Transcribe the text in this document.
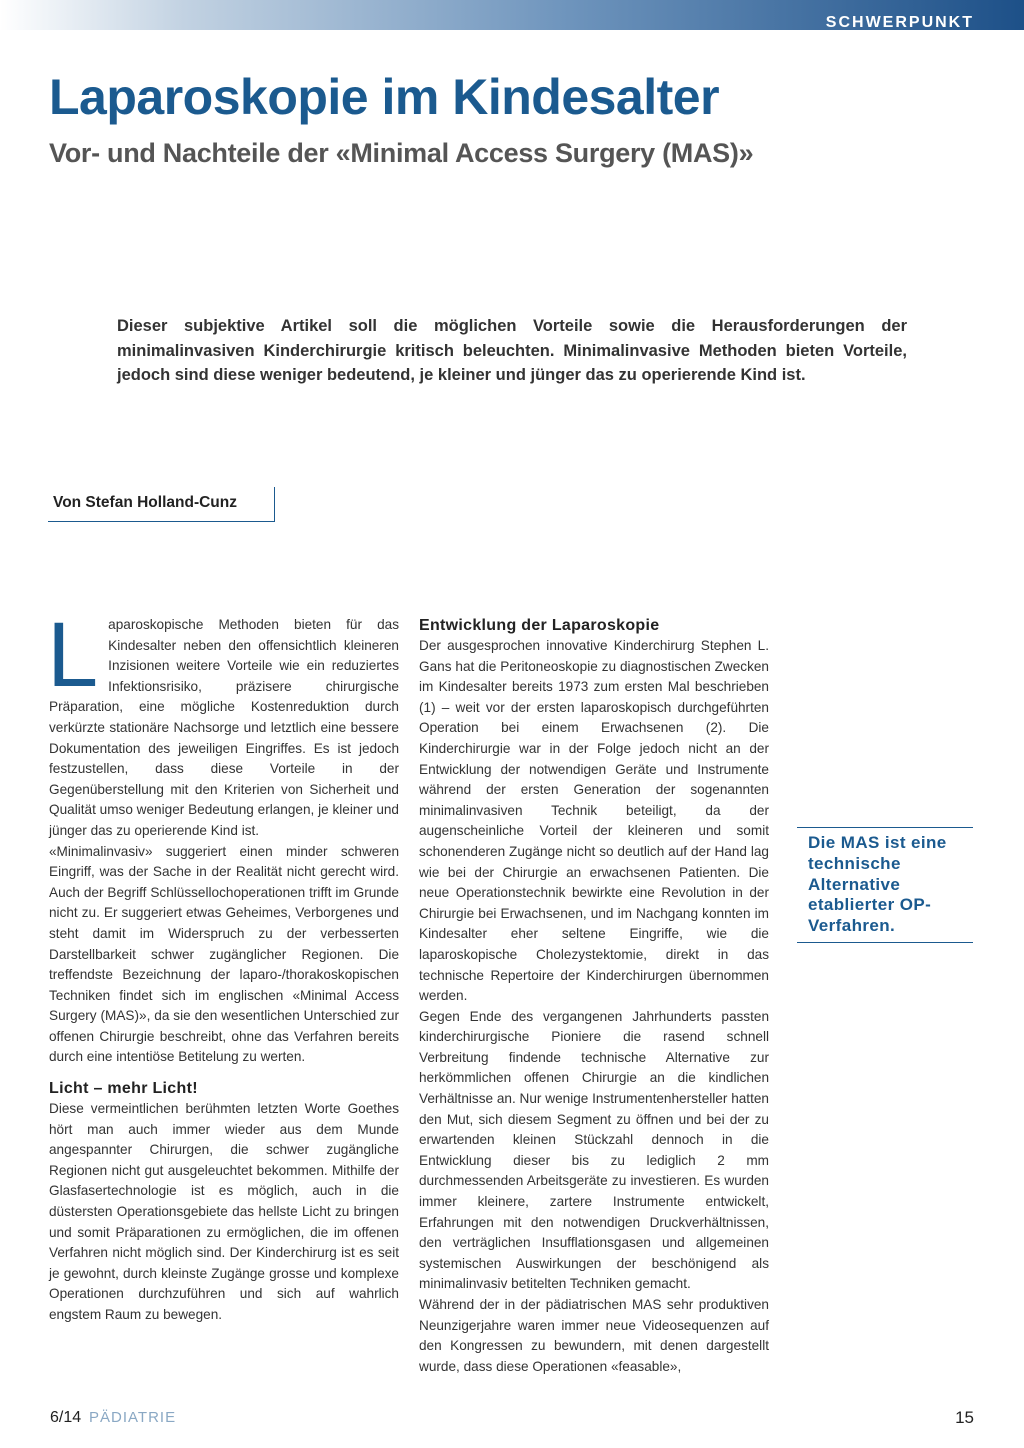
SCHWERPUNKT
Laparoskopie im Kindesalter
Vor- und Nachteile der «Minimal Access Surgery (MAS)»

Dieser subjektive Artikel soll die möglichen Vorteile sowie die Herausforderungen der minimalinvasiven Kinderchirurgie kritisch beleuchten. Minimalinvasive Methoden bieten Vorteile, jedoch sind diese weniger bedeutend, je kleiner und jünger das zu operierende Kind ist.

Von Stefan Holland-Cunz

Laparoskopische Methoden bieten für das Kindesalter neben den offensichtlich kleineren Inzisionen weitere Vorteile wie ein reduziertes Infektionsrisiko, präzisere chirurgische Präparation, eine mögliche Kostenreduktion durch verkürzte stationäre Nachsorge und letztlich eine bessere Dokumentation des jeweiligen Eingriffes. Es ist jedoch festzustellen, dass diese Vorteile in der Gegenüberstellung mit den Kriterien von Sicherheit und Qualität umso weniger Bedeutung erlangen, je kleiner und jünger das zu operierende Kind ist.

«Minimalinvasiv» suggeriert einen minder schweren Eingriff, was der Sache in der Realität nicht gerecht wird. Auch der Begriff Schlüssellochoperationen trifft im Grunde nicht zu. Er suggeriert etwas Geheimes, Verborgenes und steht damit im Widerspruch zu der verbesserten Darstellbarkeit schwer zugänglicher Regionen. Die treffendste Bezeichnung der laparo-/thorakoskopischen Techniken findet sich im englischen «Minimal Access Surgery (MAS)», da sie den wesentlichen Unterschied zur offenen Chirurgie beschreibt, ohne das Verfahren bereits durch eine intentiöse Betitelung zu werten.

Licht – mehr Licht!

Diese vermeintlichen berühmten letzten Worte Goethes hört man auch immer wieder aus dem Munde angespannter Chirurgen, die schwer zugängliche Regionen nicht gut ausgeleuchtet bekommen. Mithilfe der Glasfasertechnologie ist es möglich, auch in die düstersten Operationsgebiete das hellste Licht zu bringen und somit Präparationen zu ermöglichen, die im offenen Verfahren nicht möglich sind. Der Kinderchirurg ist es seit je gewohnt, durch kleinste Zugänge grosse und komplexe Operationen durchzuführen und sich auf wahrlich engstem Raum zu bewegen.

Entwicklung der Laparoskopie

Der ausgesprochen innovative Kinderchirurg Stephen L. Gans hat die Peritoneoskopie zu diagnostischen Zwecken im Kindesalter bereits 1973 zum ersten Mal beschrieben (1) – weit vor der ersten laparoskopisch durchgeführten Operation bei einem Erwachsenen (2). Die Kinderchirurgie war in der Folge jedoch nicht an der Entwicklung der notwendigen Geräte und Instrumente während der ersten Generation der sogenannten minimalinvasiven Technik beteiligt, da der augenscheinliche Vorteil der kleineren und somit schonenderen Zugänge nicht so deutlich auf der Hand lag wie bei der Chirurgie an erwachsenen Patienten. Die neue Operationstechnik bewirkte eine Revolution in der Chirurgie bei Erwachsenen, und im Nachgang konnten im Kindesalter eher seltene Eingriffe, wie die laparoskopische Cholezystektomie, direkt in das technische Repertoire der Kinderchirurgen übernommen werden.

Gegen Ende des vergangenen Jahrhunderts passten kinderchirurgische Pioniere die rasend schnell Verbreitung findende technische Alternative zur herkömmlichen offenen Chirurgie an die kindlichen Verhältnisse an. Nur wenige Instrumentenhersteller hatten den Mut, sich diesem Segment zu öffnen und bei der zu erwartenden kleinen Stückzahl dennoch in die Entwicklung dieser bis zu lediglich 2 mm durchmessenden Arbeitsgeräte zu investieren. Es wurden immer kleinere, zartere Instrumente entwickelt, Erfahrungen mit den notwendigen Druckverhältnissen, den verträglichen Insufflationsgasen und allgemeinen systemischen Auswirkungen der beschönigend als minimalinvasiv betitelten Techniken gemacht.

Während der in der pädiatrischen MAS sehr produktiven Neunzigerjahre waren immer neue Videosequenzen auf den Kongressen zu bewundern, mit denen dargestellt wurde, dass diese Operationen «feasable»,

Die MAS ist eine technische Alternative etablierter OP-Verfahren.
6/14 PÄDIATRIE	15
